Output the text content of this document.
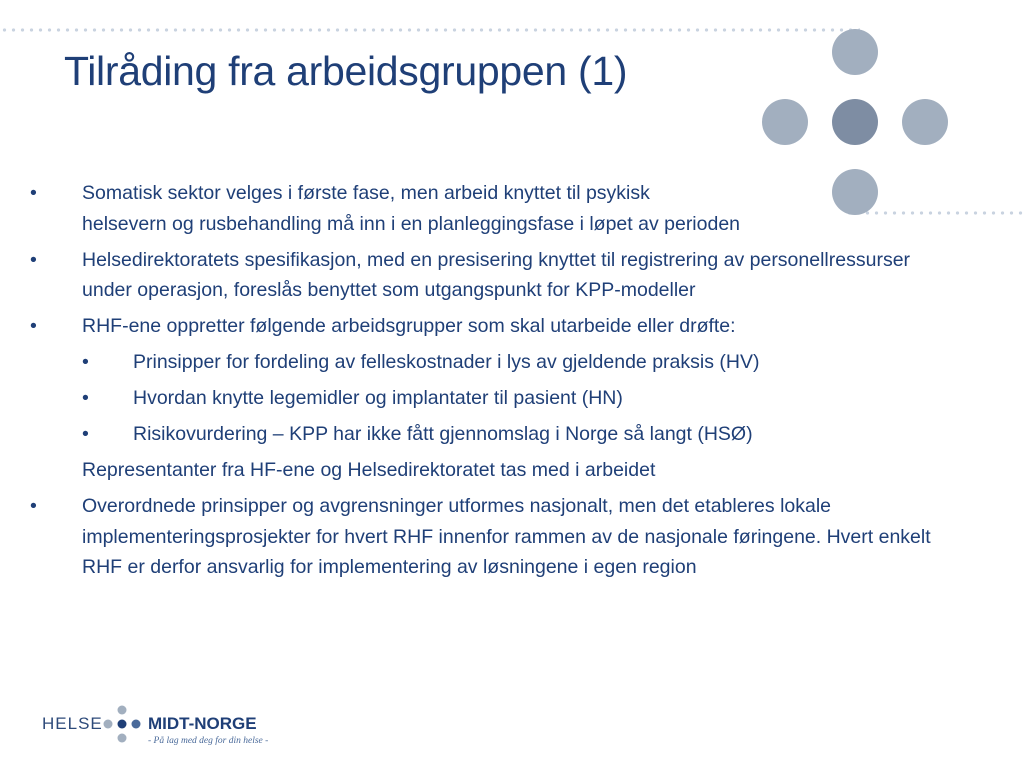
Tilråding fra arbeidsgruppen (1)
•	Somatisk sektor velges i første fase, men arbeid knyttet til psykisk
helsevern og rusbehandling må inn i en planleggingsfase i løpet av perioden
•	Helsedirektoratets spesifikasjon, med en presisering knyttet til registrering av personellressurser under operasjon, foreslås benyttet som utgangspunkt for KPP-modeller
•	RHF-ene oppretter følgende arbeidsgrupper som skal utarbeide eller drøfte:
•	Prinsipper for fordeling av felleskostnader i lys av gjeldende praksis (HV)
•	Hvordan knytte legemidler og implantater til pasient (HN)
•	Risikovurdering – KPP har ikke fått gjennomslag i Norge så langt (HSØ)
Representanter fra HF-ene og Helsedirektoratet tas med i arbeidet
•	Overordnede prinsipper og avgrensninger utformes nasjonalt, men det etableres lokale implementeringsprosjekter for hvert RHF innenfor rammen av de nasjonale føringene. Hvert enkelt RHF er derfor ansvarlig for implementering av løsningene i egen region
HELSE	MIDT-NORGE
- På lag med deg for din helse -
